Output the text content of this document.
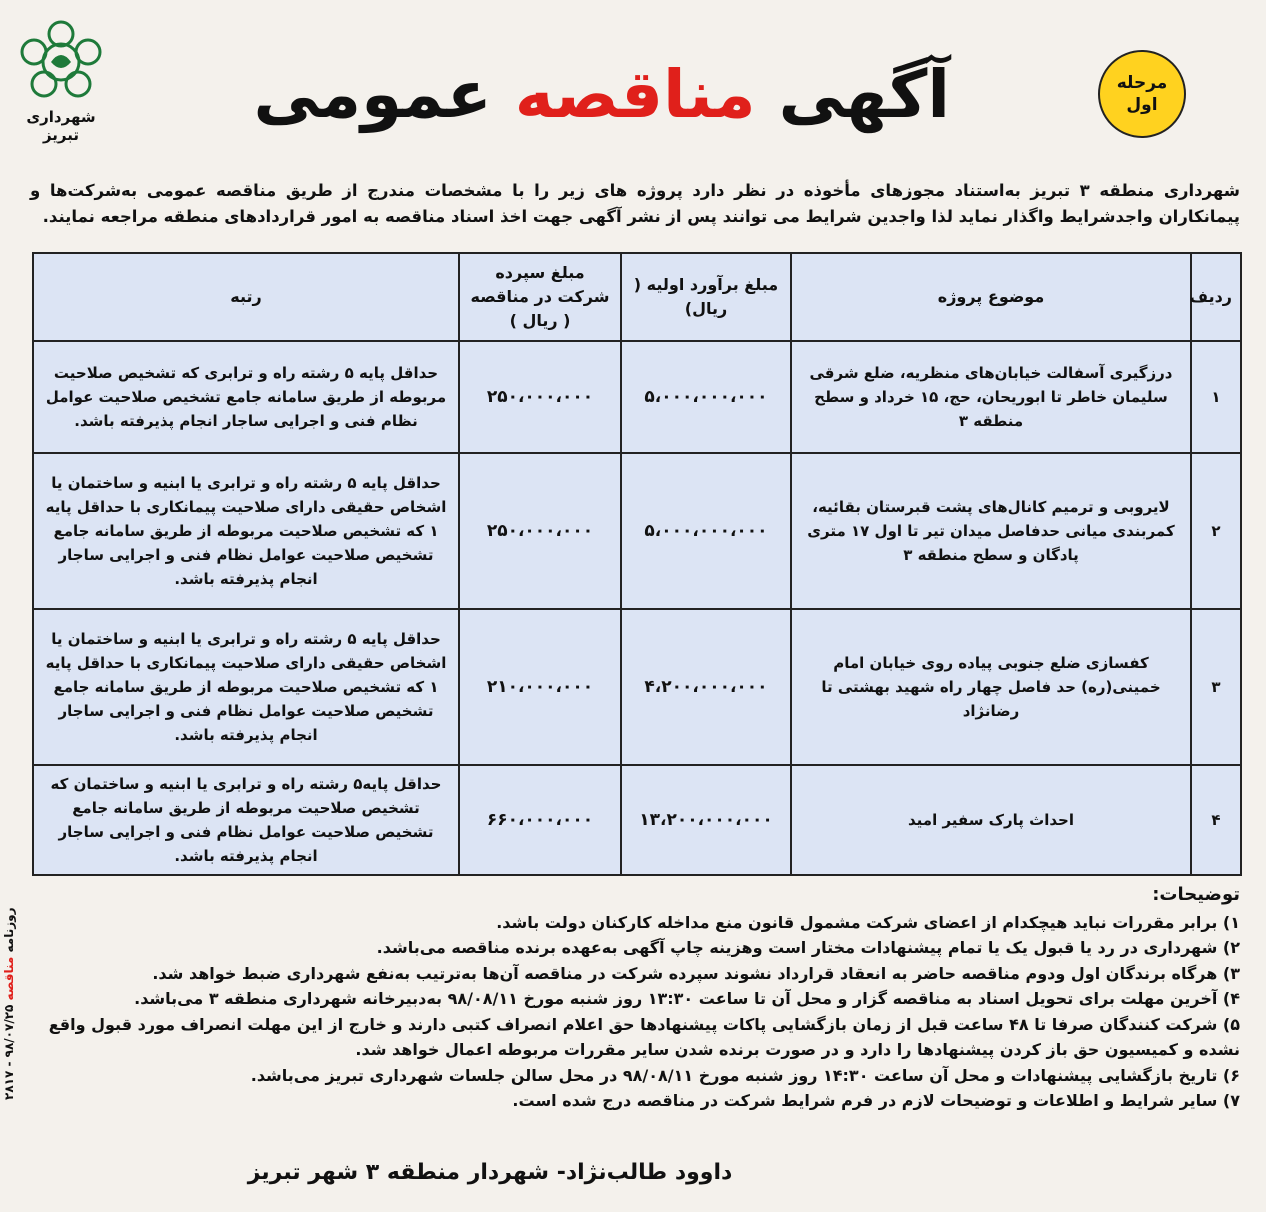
شهرداری تبریز
آگهی مناقصه عمومی	مرحله
اول
شهرداری منطقه ۳ تبریز به‌استناد مجوزهای مأخوذه در نظر دارد پروژه های زیر را با مشخصات مندرج از طریق مناقصه عمومی به‌شرکت‌ها و پیمانکاران واجدشرایط واگذار نماید لذا واجدین شرایط می توانند پس از نشر آگهی جهت اخذ اسناد مناقصه به امور قراردادهای منطقه مراجعه نمایند.
ردیف	موضوع پروژه	مبلغ برآورد اولیه ( ریال)	مبلغ سپرده شرکت در مناقصه ( ریال )	رتبه
۱	درزگیری آسفالت خیابان‌های منظریه، ضلع شرقی سلیمان خاطر تا ابوریحان، حج، ۱۵ خرداد و سطح منطقه ۳	۵،۰۰۰،۰۰۰،۰۰۰	۲۵۰،۰۰۰،۰۰۰	حداقل پایه ۵ رشته راه و ترابری که تشخیص صلاحیت مربوطه از طریق سامانه جامع تشخیص صلاحیت عوامل نظام فنی و اجرایی ساجار انجام پذیرفته باشد.
۲	لایروبی و ترمیم کانال‌های پشت قبرستان بقائیه، کمربندی میانی حدفاصل میدان تیر تا اول ۱۷ متری پادگان و سطح منطقه ۳	۵،۰۰۰،۰۰۰،۰۰۰	۲۵۰،۰۰۰،۰۰۰	حداقل پایه ۵ رشته راه و ترابری یا ابنیه و ساختمان یا اشخاص حقیقی دارای صلاحیت پیمانکاری با حداقل پایه ۱ که تشخیص صلاحیت مربوطه از طریق سامانه جامع تشخیص صلاحیت عوامل نظام فنی و اجرایی ساجار انجام پذیرفته باشد.
۳	کفسازی ضلع جنوبی پیاده روی خیابان امام خمینی(ره) حد فاصل چهار راه شهید بهشتی تا رضانژاد	۴،۲۰۰،۰۰۰،۰۰۰	۲۱۰،۰۰۰،۰۰۰	حداقل پایه ۵ رشته راه و ترابری یا ابنیه و ساختمان یا اشخاص حقیقی دارای صلاحیت پیمانکاری با حداقل پایه ۱ که تشخیص صلاحیت مربوطه از طریق سامانه جامع تشخیص صلاحیت عوامل نظام فنی و اجرایی ساجار انجام پذیرفته باشد.
۴	احداث پارک سفیر امید	۱۳،۲۰۰،۰۰۰،۰۰۰	۶۶۰،۰۰۰،۰۰۰	حداقل پایه۵ رشته راه و ترابری یا ابنیه و ساختمان که تشخیص صلاحیت مربوطه از طریق سامانه جامع تشخیص صلاحیت عوامل نظام فنی و اجرایی ساجار انجام پذیرفته باشد.
توضیحات:
۱) برابر مقررات نباید هیچکدام از اعضای شرکت مشمول قانون منع مداخله کارکنان دولت باشد.
۲) شهرداری در رد یا قبول یک یا تمام پیشنهادات مختار است وهزینه چاپ آگهی به‌عهده برنده مناقصه می‌باشد.
۳) هرگاه برندگان اول ودوم مناقصه حاضر به انعقاد قرارداد نشوند سپرده شرکت در مناقصه آن‌ها به‌ترتیب به‌نفع شهرداری ضبط خواهد شد.
۴) آخرین مهلت برای تحویل اسناد به مناقصه گزار و محل آن تا ساعت ۱۳:۳۰ روز شنبه مورخ ۹۸/۰۸/۱۱ به‌دبیرخانه شهرداری منطقه ۳ می‌باشد.
۵) شرکت کنندگان صرفا تا ۴۸ ساعت قبل از زمان بازگشایی پاکات پیشنهادها حق اعلام انصراف کتبی دارند و خارج از این مهلت انصراف مورد قبول واقع نشده و کمیسیون حق باز کردن پیشنهادها را دارد و در صورت برنده شدن سایر مقررات مربوطه اعمال خواهد شد.
۶) تاریخ بازگشایی پیشنهادات و محل آن ساعت ۱۴:۳۰ روز شنبه مورخ ۹۸/۰۸/۱۱ در محل سالن جلسات شهرداری تبریز می‌باشد.
۷) سایر شرایط و اطلاعات و توضیحات لازم در فرم شرایط شرکت در مناقصه درج شده است.
داوود طالب‌نژاد- شهردار منطقه ۳ شهر تبریز
روزنامه مناقصه ۹۸/۰۷/۲۵ - ۲۸۱۷
